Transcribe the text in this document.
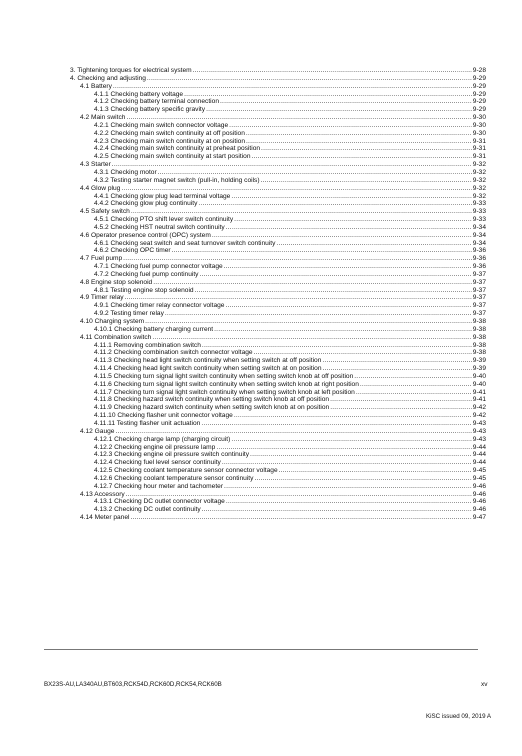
3. Tightening torques for electrical system .....	9-28
4. Checking and adjusting .....	9-29
4.1 Battery .....	9-29
4.1.1 Checking battery voltage .....	9-29
4.1.2 Checking battery terminal connection .....	9-29
4.1.3 Checking battery specific gravity .....	9-29
4.2 Main switch .....	9-30
4.2.1 Checking main switch connector voltage .....	9-30
4.2.2 Checking main switch continuity at off position .....	9-30
4.2.3 Checking main switch continuity at on position .....	9-31
4.2.4 Checking main switch continuity at preheat position .....	9-31
4.2.5 Checking main switch continuity at start position .....	9-31
4.3 Starter .....	9-32
4.3.1 Checking motor .....	9-32
4.3.2 Testing starter magnet switch (pull-in, holding coils) .....	9-32
4.4 Glow plug .....	9-32
4.4.1 Checking glow plug lead terminal voltage .....	9-32
4.4.2 Checking glow plug continuity .....	9-33
4.5 Safety switch .....	9-33
4.5.1 Checking PTO shift lever switch continuity .....	9-33
4.5.2 Checking HST neutral switch continuity .....	9-34
4.6 Operator presence control (OPC) system .....	9-34
4.6.1 Checking seat switch and seat turnover switch continuity .....	9-34
4.6.2 Checking OPC timer .....	9-36
4.7 Fuel pump .....	9-36
4.7.1 Checking fuel pump connector voltage .....	9-36
4.7.2 Checking fuel pump continuity .....	9-37
4.8 Engine stop solenoid .....	9-37
4.8.1 Testing engine stop solenoid .....	9-37
4.9 Timer relay .....	9-37
4.9.1 Checking timer relay connector voltage .....	9-37
4.9.2 Testing timer relay .....	9-37
4.10 Charging system .....	9-38
4.10.1 Checking battery charging current .....	9-38
4.11 Combination switch .....	9-38
4.11.1 Removing combination switch .....	9-38
4.11.2 Checking combination switch connector voltage .....	9-38
4.11.3 Checking head light switch continuity when setting switch at off position .....	9-39
4.11.4 Checking head light switch continuity when setting switch at on position .....	9-39
4.11.5 Checking turn signal light switch continuity when setting switch knob at off position .....	9-40
4.11.6 Checking turn signal light switch continuity when setting switch knob at right position .....	9-40
4.11.7 Checking turn signal light switch continuity when setting switch knob at left position .....	9-41
4.11.8 Checking hazard switch continuity when setting switch knob at off position .....	9-41
4.11.9 Checking hazard switch continuity when setting switch knob at on position .....	9-42
4.11.10 Checking flasher unit connector voltage .....	9-42
4.11.11 Testing flasher unit actuation .....	9-43
4.12 Gauge .....	9-43
4.12.1 Checking charge lamp (charging circuit) .....	9-43
4.12.2 Checking engine oil pressure lamp .....	9-44
4.12.3 Checking engine oil pressure switch continuity .....	9-44
4.12.4 Checking fuel level sensor continuity .....	9-44
4.12.5 Checking coolant temperature sensor connector voltage .....	9-45
4.12.6 Checking coolant temperature sensor continuity .....	9-45
4.12.7 Checking hour meter and tachometer .....	9-46
4.13 Accessory .....	9-46
4.13.1 Checking DC outlet connector voltage .....	9-46
4.13.2 Checking DC outlet continuity .....	9-46
4.14 Meter panel .....	9-47
BX23S-AU,LA340AU,BT603,RCK54D,RCK60D,RCK54,RCK60B	xv
KiSC issued 09, 2019 A
